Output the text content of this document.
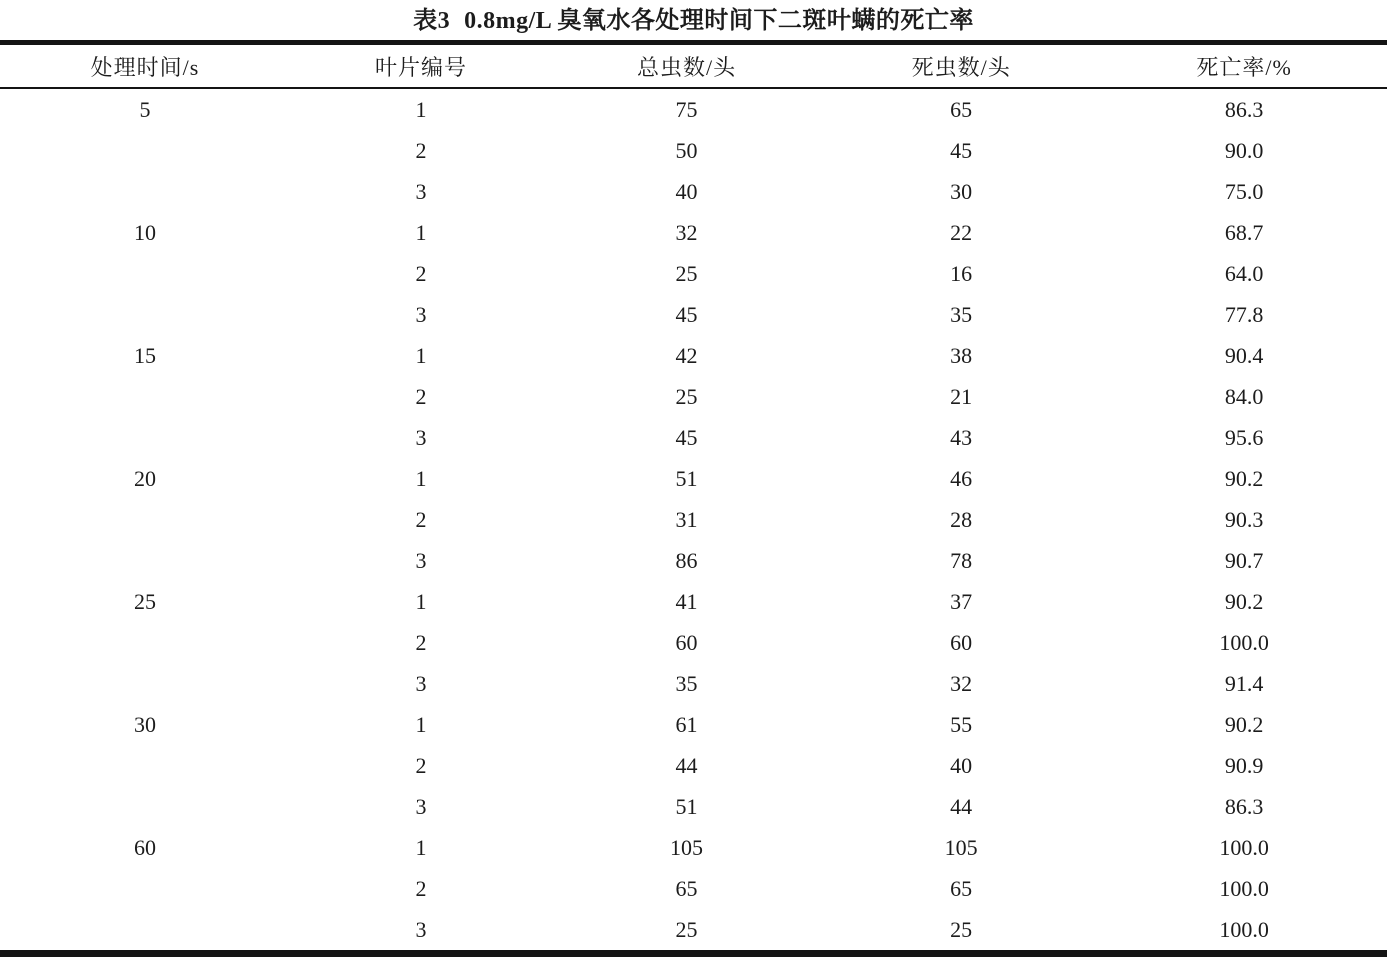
表3 0.8mg/L 臭氧水各处理时间下二斑叶螨的死亡率
处理时间/s	叶片编号	总虫数/头	死虫数/头	死亡率/%
5	1	75	65	86.3
	2	50	45	90.0
	3	40	30	75.0
10	1	32	22	68.7
	2	25	16	64.0
	3	45	35	77.8
15	1	42	38	90.4
	2	25	21	84.0
	3	45	43	95.6
20	1	51	46	90.2
	2	31	28	90.3
	3	86	78	90.7
25	1	41	37	90.2
	2	60	60	100.0
	3	35	32	91.4
30	1	61	55	90.2
	2	44	40	90.9
	3	51	44	86.3
60	1	105	105	100.0
	2	65	65	100.0
	3	25	25	100.0
